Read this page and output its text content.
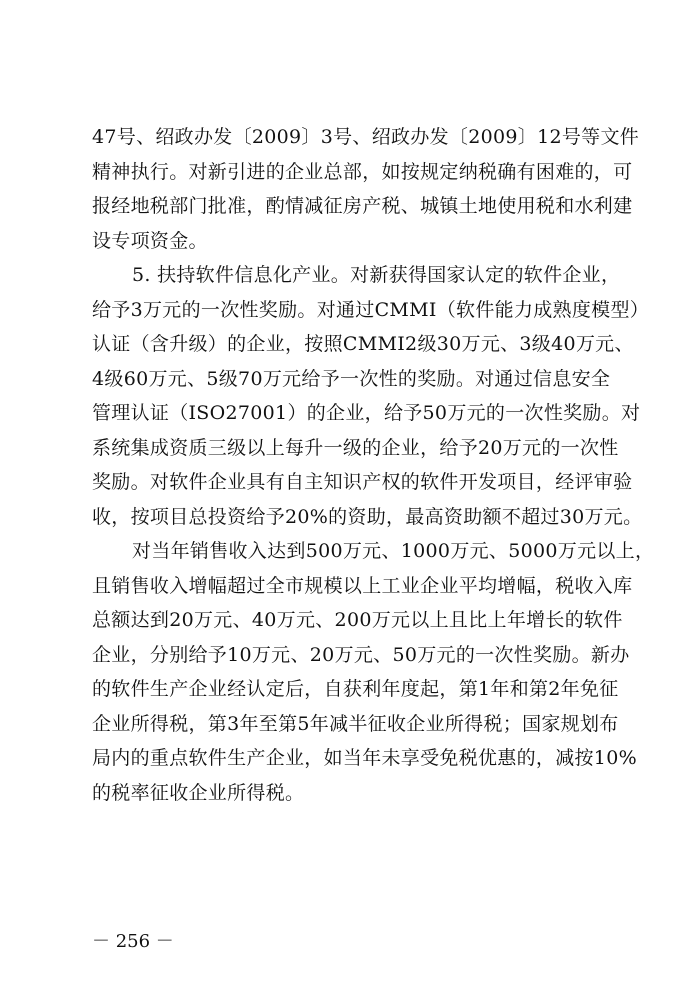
47号、绍政办发〔2009〕3号、绍政办发〔2009〕12号等文件
精神执行。对新引进的企业总部，如按规定纳税确有困难的，可
报经地税部门批准，酌情减征房产税、城镇土地使用税和水利建
设专项资金。
5. 扶持软件信息化产业。对新获得国家认定的软件企业，
给予3万元的一次性奖励。对通过CMMI（软件能力成熟度模型）
认证（含升级）的企业，按照CMMI2级30万元、3级40万元、
4级60万元、5级70万元给予一次性的奖励。对通过信息安全
管理认证（ISO27001）的企业，给予50万元的一次性奖励。对
系统集成资质三级以上每升一级的企业，给予20万元的一次性
奖励。对软件企业具有自主知识产权的软件开发项目，经评审验
收，按项目总投资给予20%的资助，最高资助额不超过30万元。
对当年销售收入达到500万元、1000万元、5000万元以上，
且销售收入增幅超过全市规模以上工业企业平均增幅，税收入库
总额达到20万元、40万元、200万元以上且比上年增长的软件
企业，分别给予10万元、20万元、50万元的一次性奖励。新办
的软件生产企业经认定后，自获利年度起，第1年和第2年免征
企业所得税，第3年至第5年减半征收企业所得税；国家规划布
局内的重点软件生产企业，如当年未享受免税优惠的，减按10%
的税率征收企业所得税。
－ 256 －
